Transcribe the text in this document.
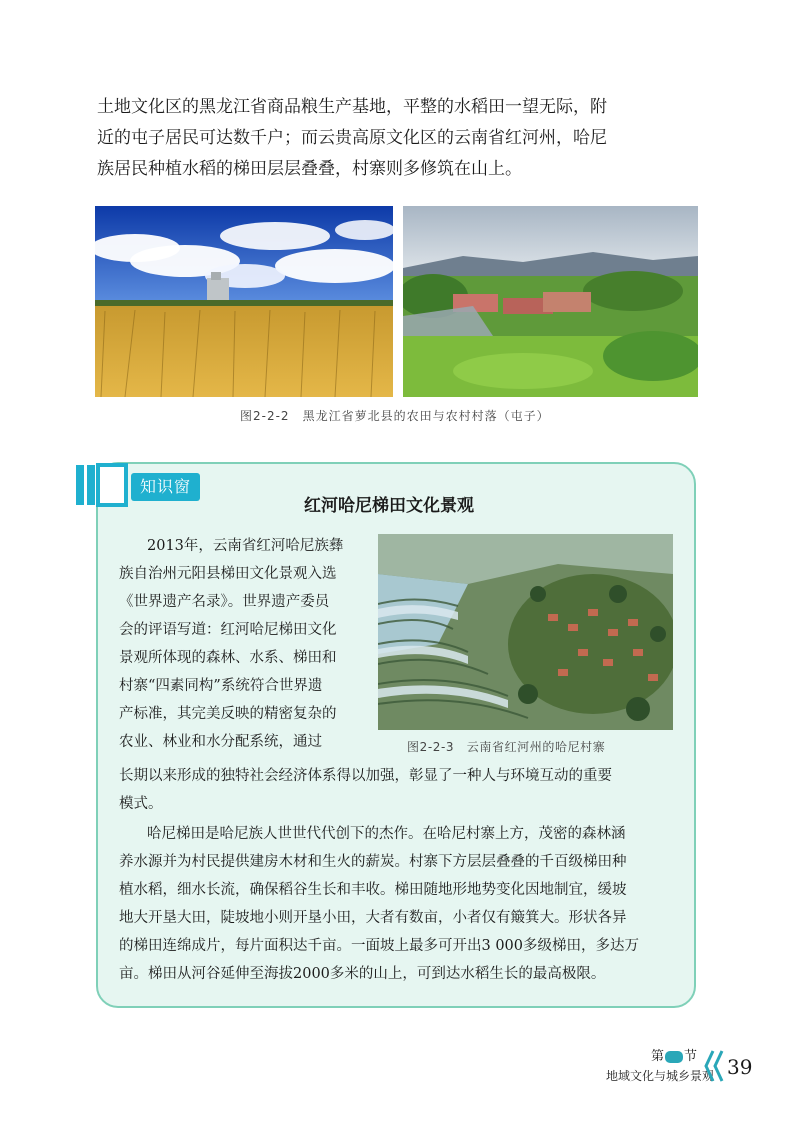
土地文化区的黑龙江省商品粮生产基地，平整的水稻田一望无际，附
近的屯子居民可达数千户；而云贵高原文化区的云南省红河州，哈尼
族居民种植水稻的梯田层层叠叠，村寨则多修筑在山上。

图2-2-2　黑龙江省萝北县的农田与农村村落（屯子）
知识窗
红河哈尼梯田文化景观
2013年，云南省红河哈尼族彝
族自治州元阳县梯田文化景观入选
《世界遗产名录》。世界遗产委员
会的评语写道：红河哈尼梯田文化
景观所体现的森林、水系、梯田和
村寨“四素同构”系统符合世界遗
产标准，其完美反映的精密复杂的
农业、林业和水分配系统，通过
长期以来形成的独特社会经济体系得以加强，彰显了一种人与环境互动的重要
模式。
哈尼梯田是哈尼族人世世代代创下的杰作。在哈尼村寨上方，茂密的森林涵
养水源并为村民提供建房木材和生火的薪炭。村寨下方层层叠叠的千百级梯田种
植水稻，细水长流，确保稻谷生长和丰收。梯田随地形地势变化因地制宜，缓坡
地大开垦大田，陡坡地小则开垦小田，大者有数亩，小者仅有簸箕大。形状各异
的梯田连绵成片，每片面积达千亩。一面坡上最多可开出3 000多级梯田，多达万
亩。梯田从河谷延伸至海拔2000多米的山上，可到达水稻生长的最高极限。
图2-2-3　云南省红河州的哈尼村寨
第 节
地域文化与城乡景观 39
